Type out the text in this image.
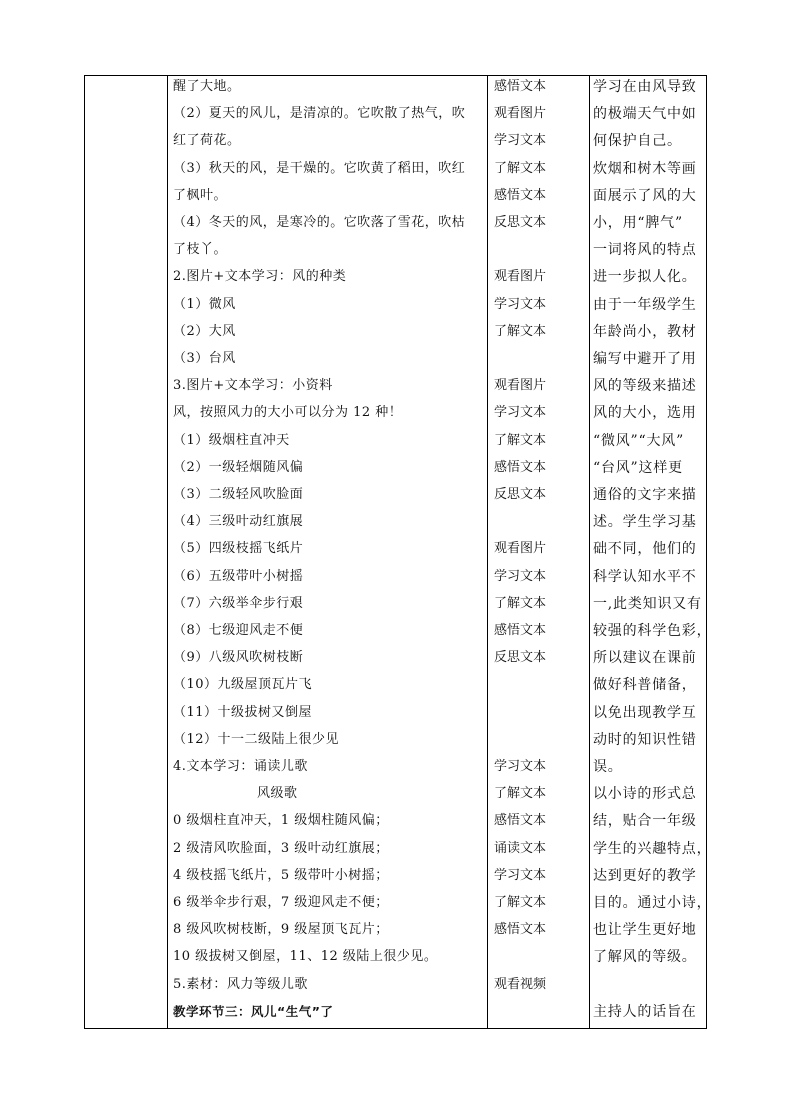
醒了大地。
（2）夏天的风儿，是清凉的。它吹散了热气，吹
红了荷花。
（3）秋天的风，是干燥的。它吹黄了稻田，吹红
了枫叶。
（4）冬天的风，是寒冷的。它吹落了雪花，吹枯
了枝丫。
2.图片+文本学习：风的种类
（1）微风
（2）大风
（3）台风
3.图片+文本学习：小资料
风，按照风力的大小可以分为 12 种！
（1）级烟柱直冲天
（2）一级轻烟随风偏
（3）二级轻风吹脸面
（4）三级叶动红旗展
（5）四级枝摇飞纸片
（6）五级带叶小树摇
（7）六级举伞步行艰
（8）七级迎风走不便
（9）八级风吹树枝断
（10）九级屋顶瓦片飞
（11）十级拔树又倒屋
（12）十一二级陆上很少见
4.文本学习：诵读儿歌
风级歌
0 级烟柱直冲天，1 级烟柱随风偏；
2 级清风吹脸面，3 级叶动红旗展；
4 级枝摇飞纸片，5 级带叶小树摇；
6 级举伞步行艰，7 级迎风走不便；
8 级风吹树枝断，9 级屋顶飞瓦片；
10 级拔树又倒屋，11、12 级陆上很少见。
5.素材：风力等级儿歌
教学环节三：风儿“生气”了
感悟文本
观看图片
学习文本
了解文本
感悟文本
反思文本
观看图片
学习文本
了解文本
观看图片
学习文本
了解文本
感悟文本
反思文本
观看图片
学习文本
了解文本
感悟文本
反思文本
学习文本
了解文本
感悟文本
诵读文本
学习文本
了解文本
感悟文本
观看视频
学习在由风导致
的极端天气中如
何保护自己。
炊烟和树木等画
面展示了风的大
小，用“脾气”
一词将风的特点
进一步拟人化。
由于一年级学生
年龄尚小，教材
编写中避开了用
风的等级来描述
风的大小，选用
“微风”“大风”
“台风”这样更
通俗的文字来描
述。学生学习基
础不同，他们的
科学认知水平不
一,此类知识又有
较强的科学色彩，
所以建议在课前
做好科普储备，
以免出现教学互
动时的知识性错
误。
以小诗的形式总
结，贴合一年级
学生的兴趣特点，
达到更好的教学
目的。通过小诗，
也让学生更好地
了解风的等级。
主持人的话旨在
